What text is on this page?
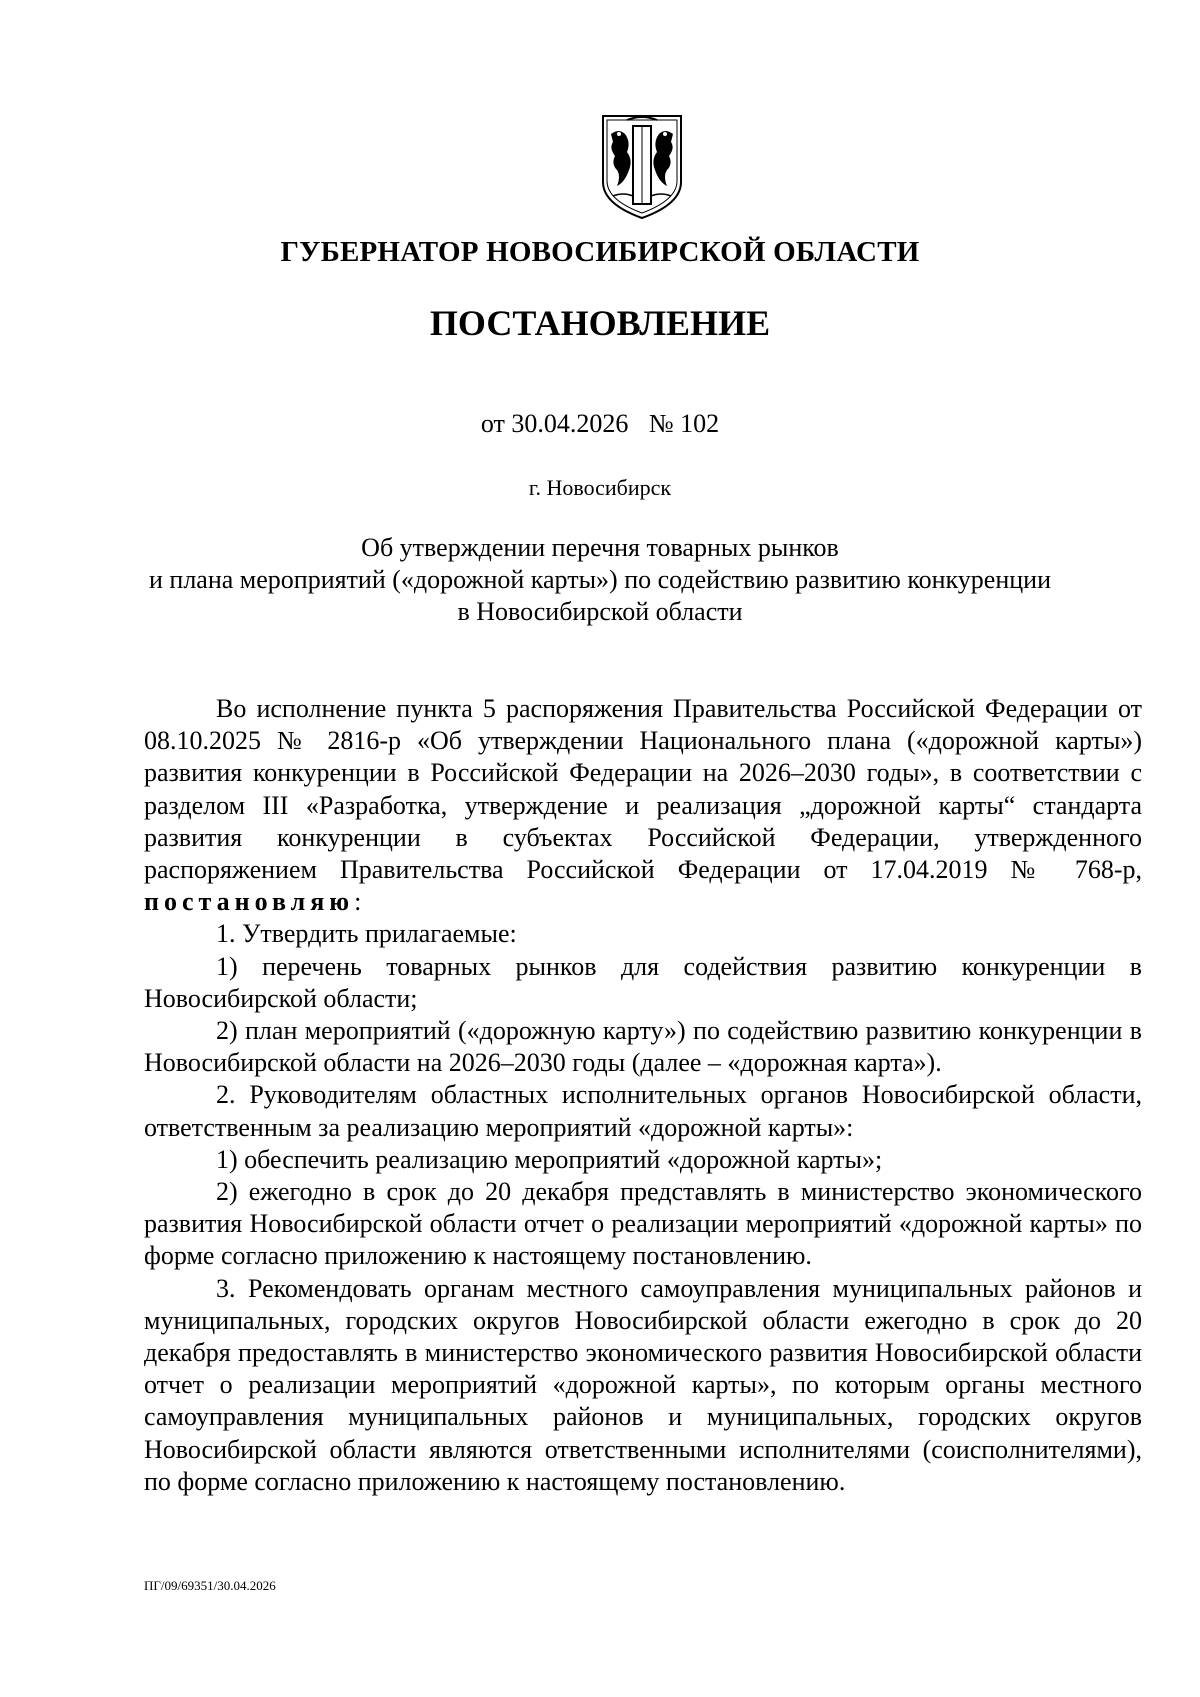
ГУБЕРНАТОР НОВОСИБИРСКОЙ ОБЛАСТИ
ПОСТАНОВЛЕНИЕ
от 30.04.2026 № 102
г. Новосибирск
Об утверждении перечня товарных рынков
и плана мероприятий («дорожной карты») по содействию развитию конкуренции
в Новосибирской области

Во исполнение пункта 5 распоряжения Правительства Российской Федерации от 08.10.2025 № 2816-р «Об утверждении Национального плана («дорожной карты») развития конкуренции в Российской Федерации на 2026–2030 годы», в соответствии с разделом III «Разработка, утверждение и реализация „дорожной карты“ стандарта развития конкуренции в субъектах Российской Федерации, утвержденного распоряжением Правительства Российской Федерации от 17.04.2019 № 768-р, постановляю:

1. Утвердить прилагаемые:

1) перечень товарных рынков для содействия развитию конкуренции в Новосибирской области;

2) план мероприятий («дорожную карту») по содействию развитию конкуренции в Новосибирской области на 2026–2030 годы (далее – «дорожная карта»).

2. Руководителям областных исполнительных органов Новосибирской области, ответственным за реализацию мероприятий «дорожной карты»:

1) обеспечить реализацию мероприятий «дорожной карты»;

2) ежегодно в срок до 20 декабря представлять в министерство экономического развития Новосибирской области отчет о реализации мероприятий «дорожной карты» по форме согласно приложению к настоящему постановлению.

3. Рекомендовать органам местного самоуправления муниципальных районов и муниципальных, городских округов Новосибирской области ежегодно в срок до 20 декабря предоставлять в министерство экономического развития Новосибирской области отчет о реализации мероприятий «дорожной карты», по которым органы местного самоуправления муниципальных районов и муниципальных, городских округов Новосибирской области являются ответственными исполнителями (соисполнителями), по форме согласно приложению к настоящему постановлению.

ПГ/09/69351/30.04.2026
